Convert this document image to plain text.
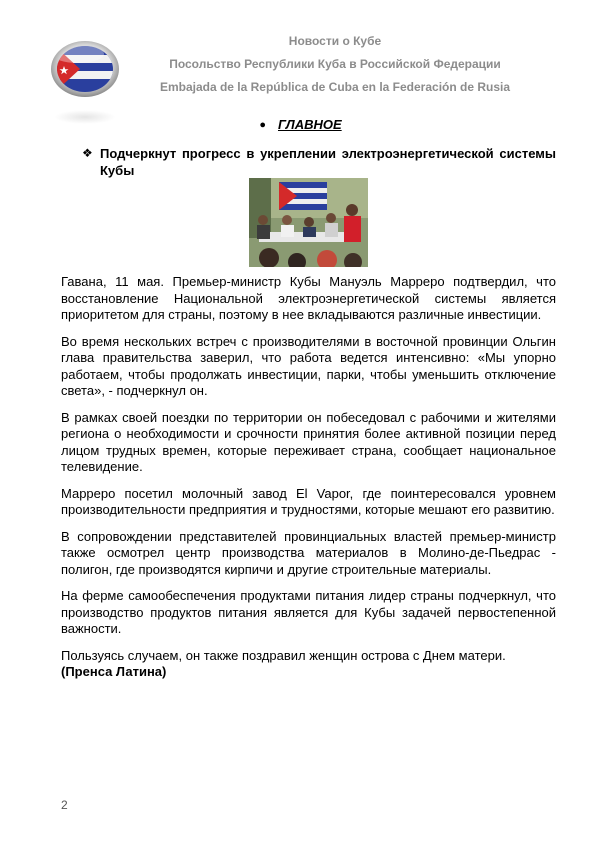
Новости о Кубе
Посольство Республики Куба в Российской Федерации
Embajada de la República de Cuba en la Federación de Rusia
● ГЛАВНОЕ
❖ Подчеркнут прогресс в укреплении электроэнергетической системы Кубы

Гавана, 11 мая. Премьер-министр Кубы Мануэль Марреро подтвердил, что восстановление Национальной электроэнергетической системы является приоритетом для страны, поэтому в нее вкладываются различные инвестиции.

Во время нескольких встреч с производителями в восточной провинции Ольгин глава правительства заверил, что работа ведется интенсивно: «Мы упорно работаем, чтобы продолжать инвестиции, парки, чтобы уменьшить отключение света», - подчеркнул он.

В рамках своей поездки по территории он побеседовал с рабочими и жителями региона о необходимости и срочности принятия более активной позиции перед лицом трудных времен, которые переживает страна, сообщает национальное телевидение.

Марреро посетил молочный завод El Vapor, где поинтересовался уровнем производительности предприятия и трудностями, которые мешают его развитию.

В сопровождении представителей провинциальных властей премьер-министр также осмотрел центр производства материалов в Молино-де-Пьедрас - полигон, где производятся кирпичи и другие строительные материалы.

На ферме самообеспечения продуктами питания лидер страны подчеркнул, что производство продуктов питания является для Кубы задачей первостепенной важности.

Пользуясь случаем, он также поздравил женщин острова с Днем матери.

(Пренса Латина)
2
